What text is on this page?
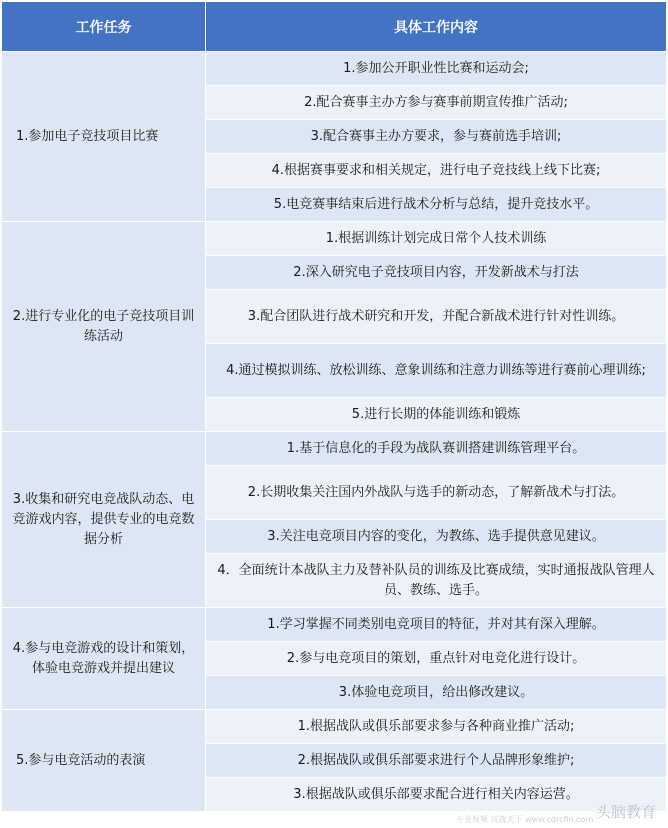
工作任务	具体工作内容
1.参加电子竞技项目比赛	1.参加公开职业性比赛和运动会;
	2.配合赛事主办方参与赛事前期宣传推广活动;
	3.配合赛事主办方要求，参与赛前选手培训;
	4.根据赛事要求和相关规定，进行电子竞技线上线下比赛;
	5.电竞赛事结束后进行战术分析与总结，提升竞技水平。
2.进行专业化的电子竞技项目训练活动	1.根据训练计划完成日常个人技术训练
	2.深入研究电子竞技项目内容，开发新战术与打法
	3.配合团队进行战术研究和开发，并配合新战术进行针对性训练。
	4.通过模拟训练、放松训练、意象训练和注意力训练等进行赛前心理训练;
	5.进行长期的体能训练和锻炼
3.收集和研究电竞战队动态、电竞游戏内容，提供专业的电竞数据分析	1.基于信息化的手段为战队赛训搭建训练管理平台。
	2.长期收集关注国内外战队与选手的新动态，了解新战术与打法。
	3.关注电竞项目内容的变化，为教练、选手提供意见建议。
	4．全面统计本战队主力及替补队员的训练及比赛成绩，实时通报战队管理人员、教练、选手。
4.参与电竞游戏的设计和策划，体验电竞游戏并提出建议	1.学习掌握不同类别电竞项目的特征，并对其有深入理解。
	2.参与电竞项目的策划，重点针对电竞化进行设计。
	3.体验电竞项目，给出修改建议。
5.参与电竞活动的表演	1.根据战队或俱乐部要求参与各种商业推广活动;
	2.根据战队或俱乐部要求进行个人品牌形象维护;
	3.根据战队或俱乐部要求配合进行相关内容运营。
专业视频 成就天下 www.cdrcfin.com 头脑教育
